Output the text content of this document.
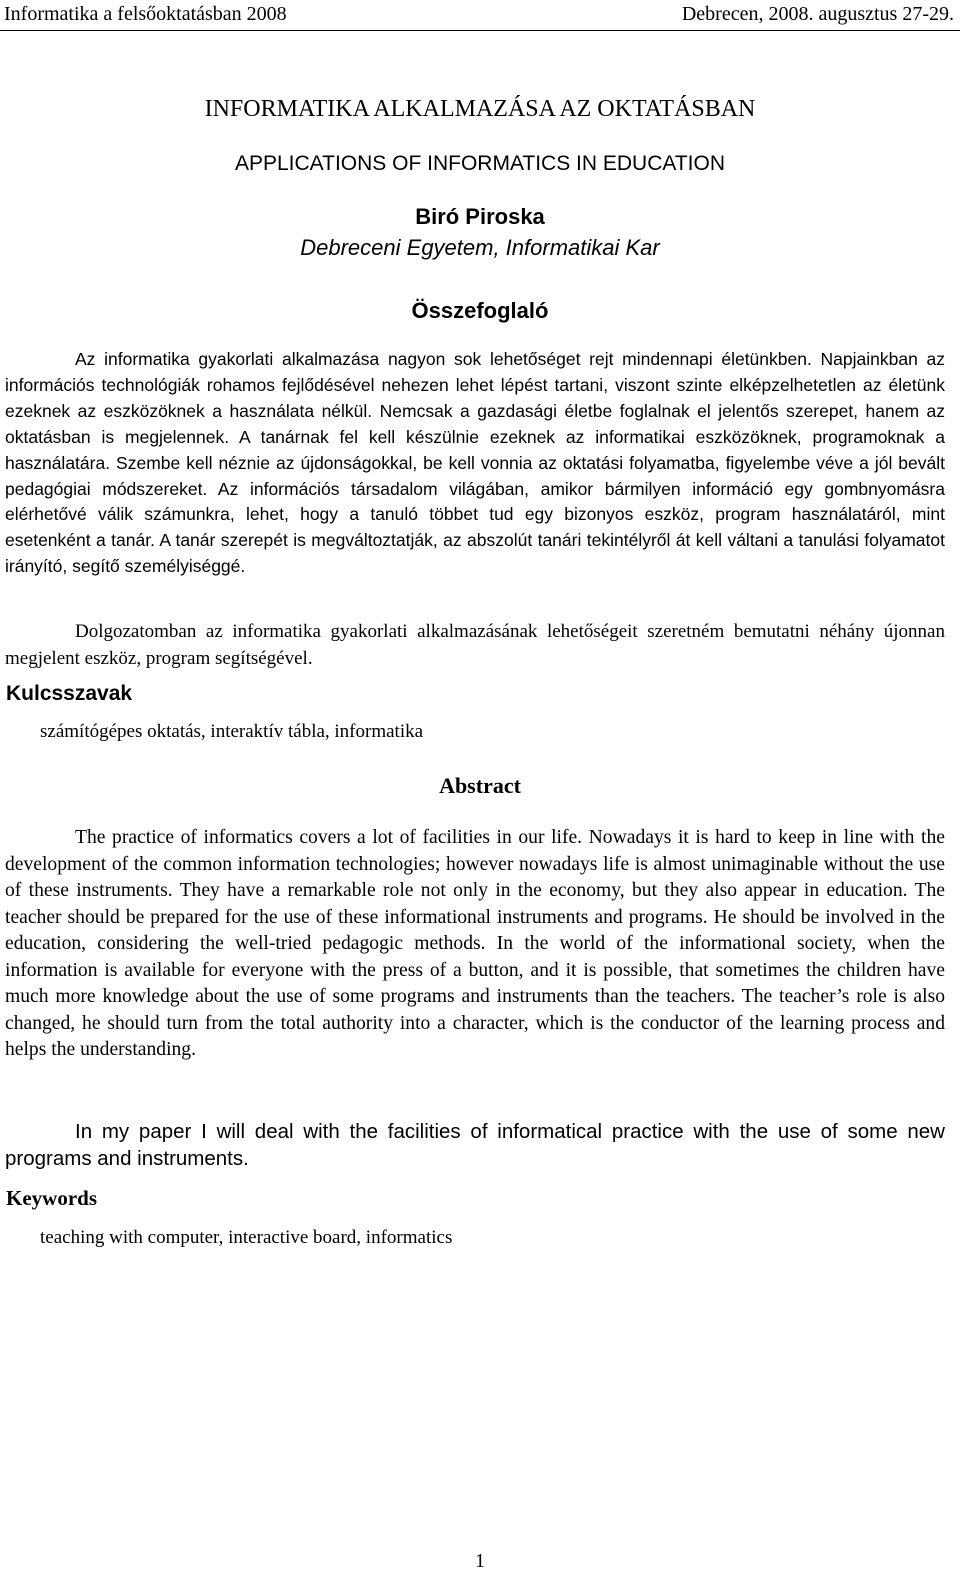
Informatika a felsőoktatásban 2008	Debrecen, 2008. augusztus 27-29.
INFORMATIKA ALKALMAZÁSA AZ OKTATÁSBAN
APPLICATIONS OF INFORMATICS IN EDUCATION
Biró Piroska
Debreceni Egyetem, Informatikai Kar
Összefoglaló

Az informatika gyakorlati alkalmazása nagyon sok lehetőséget rejt mindennapi életünkben. Napjainkban az információs technológiák rohamos fejlődésével nehezen lehet lépést tartani, viszont szinte elképzelhetetlen az életünk ezeknek az eszközöknek a használata nélkül. Nemcsak a gazdasági életbe foglalnak el jelentős szerepet, hanem az oktatásban is megjelennek. A tanárnak fel kell készülnie ezeknek az informatikai eszközöknek, programoknak a használatára. Szembe kell néznie az újdonságokkal, be kell vonnia az oktatási folyamatba, figyelembe véve a jól bevált pedagógiai módszereket. Az információs társadalom világában, amikor bármilyen információ egy gombnyomásra elérhetővé válik számunkra, lehet, hogy a tanuló többet tud egy bizonyos eszköz, program használatáról, mint esetenként a tanár. A tanár szerepét is megváltoztatják, az abszolút tanári tekintélyről át kell váltani a tanulási folyamatot irányító, segítő személyiséggé.

Dolgozatomban az informatika gyakorlati alkalmazásának lehetőségeit szeretném bemutatni néhány újonnan megjelent eszköz, program segítségével.

Kulcsszavak
számítógépes oktatás, interaktív tábla, informatika
Abstract

The practice of informatics covers a lot of facilities in our life. Nowadays it is hard to keep in line with the development of the common information technologies; however nowadays life is almost unimaginable without the use of these instruments. They have a remarkable role not only in the economy, but they also appear in education. The teacher should be prepared for the use of these informational instruments and programs. He should be involved in the education, considering the well-tried pedagogic methods. In the world of the informational society, when the information is available for everyone with the press of a button, and it is possible, that sometimes the children have much more knowledge about the use of some programs and instruments than the teachers. The teacher’s role is also changed, he should turn from the total authority into a character, which is the conductor of the learning process and helps the understanding.

In my paper I will deal with the facilities of informatical practice with the use of some new programs and instruments.

Keywords
teaching with computer, interactive board, informatics
1
